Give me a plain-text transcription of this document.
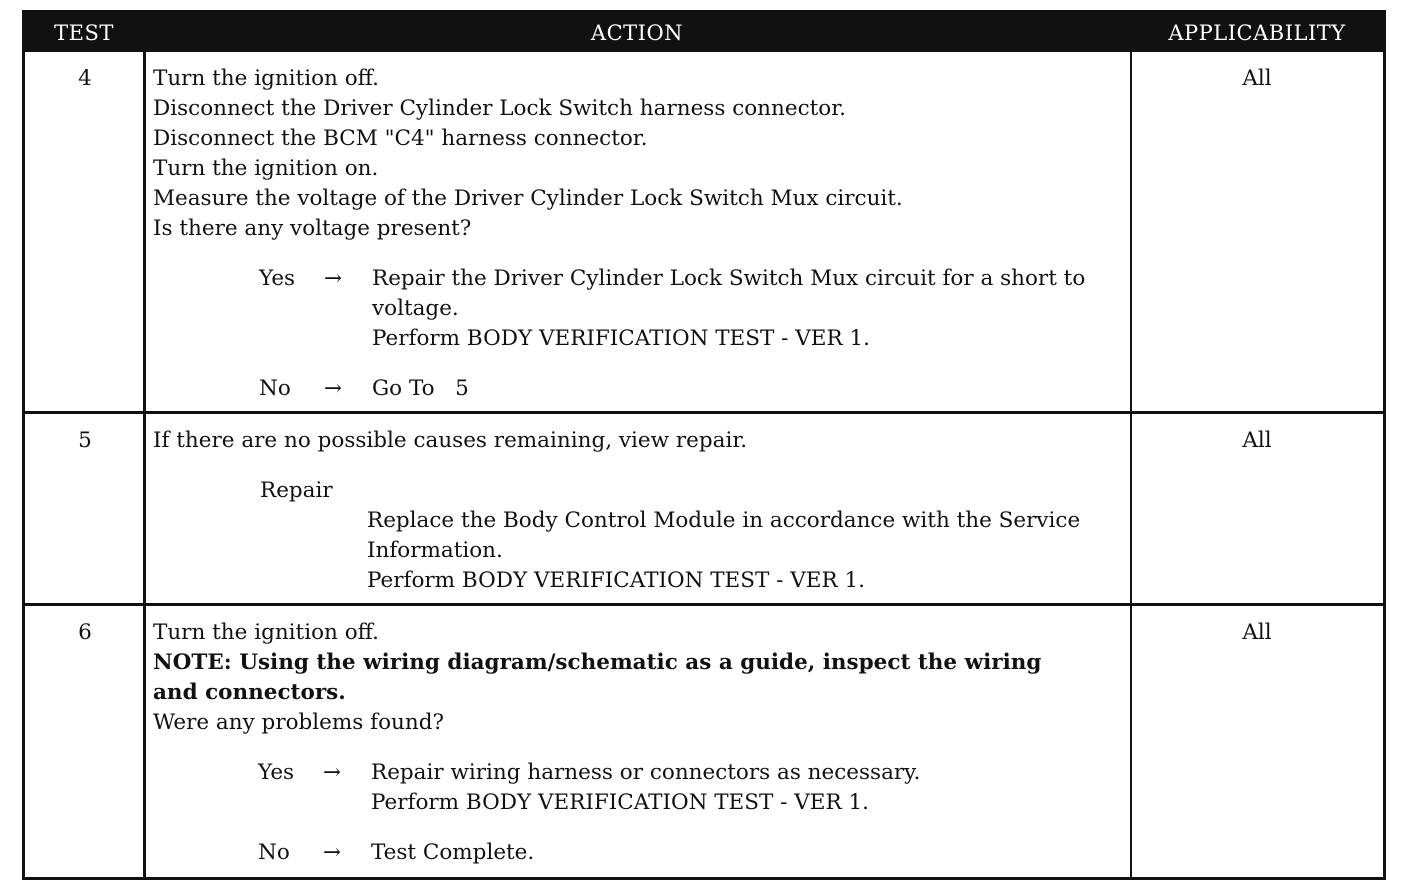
TEST	ACTION	APPLICABILITY
4	Turn the ignition off.
Disconnect the Driver Cylinder Lock Switch harness connector.
Disconnect the BCM "C4" harness connector.
Turn the ignition on.
Measure the voltage of the Driver Cylinder Lock Switch Mux circuit.
Is there any voltage present?
Yes → Repair the Driver Cylinder Lock Switch Mux circuit for a short to
voltage.
Perform BODY VERIFICATION TEST - VER 1.
No → Go To   5
All
5	If there are no possible causes remaining, view repair.
Repair
Replace the Body Control Module in accordance with the Service
Information.
Perform BODY VERIFICATION TEST - VER 1.
All
6	Turn the ignition off.
NOTE: Using the wiring diagram/schematic as a guide, inspect the wiring
and connectors.
Were any problems found?
Yes → Repair wiring harness or connectors as necessary.
Perform BODY VERIFICATION TEST - VER 1.
No → Test Complete.
All
